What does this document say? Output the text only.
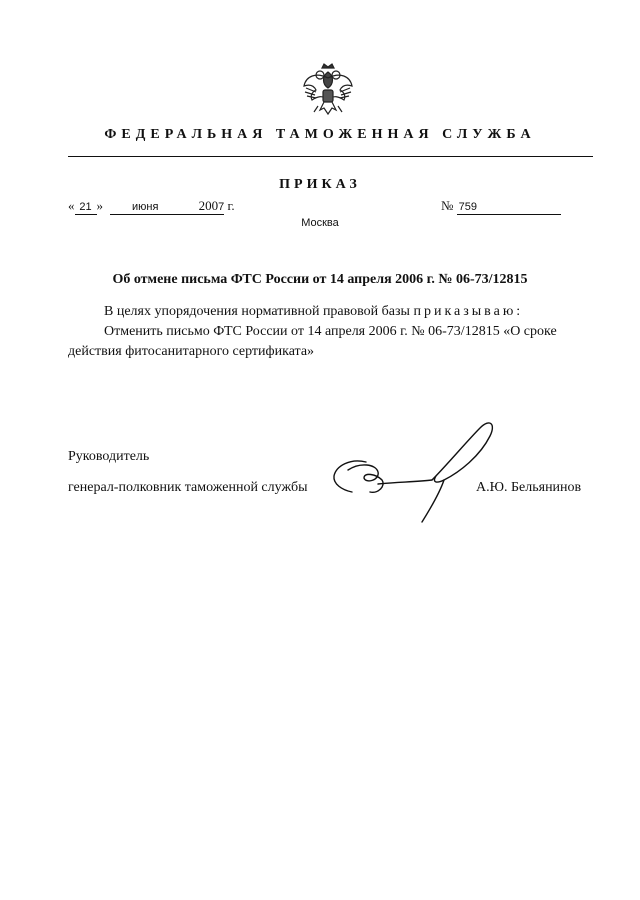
ФЕДЕРАЛЬНАЯ ТАМОЖЕННАЯ СЛУЖБА
ПРИКАЗ
« 21 »	июня	2007 г.	№ 759
Москва
Об отмене письма ФТС России от 14 апреля 2006 г. № 06-73/12815
В целях упорядочения нормативной правовой базы приказываю:
Отменить письмо ФТС России от 14 апреля 2006 г. № 06-73/12815 «О сроке
действия фитосанитарного сертификата»
Руководитель
генерал-полковник таможенной службы	А.Ю. Бельянинов
